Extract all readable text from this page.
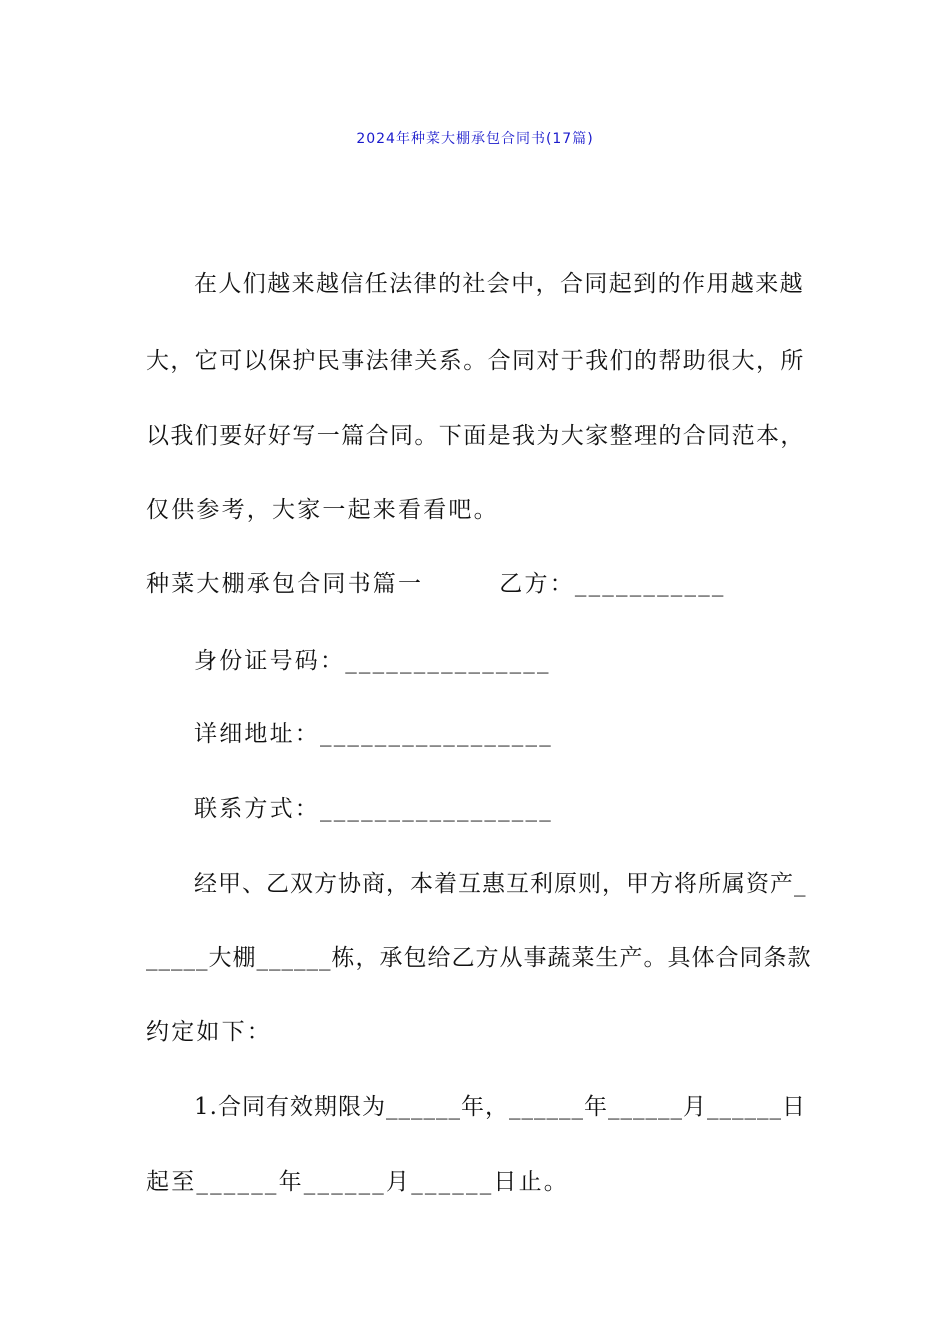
2024年种菜大棚承包合同书(17篇)
在人们越来越信任法律的社会中，合同起到的作用越来越
大，它可以保护民事法律关系。合同对于我们的帮助很大，所
以我们要好好写一篇合同。下面是我为大家整理的合同范本，
仅供参考，大家一起来看看吧。
种菜大棚承包合同书篇一        乙方：___________
身份证号码：_______________
详细地址：_________________
联系方式：_________________
经甲、乙双方协商，本着互惠互利原则，甲方将所属资产_
_____大棚______栋，承包给乙方从事蔬菜生产。具体合同条款
约定如下：
1.合同有效期限为______年，______年______月______日
起至______年______月______日止。
